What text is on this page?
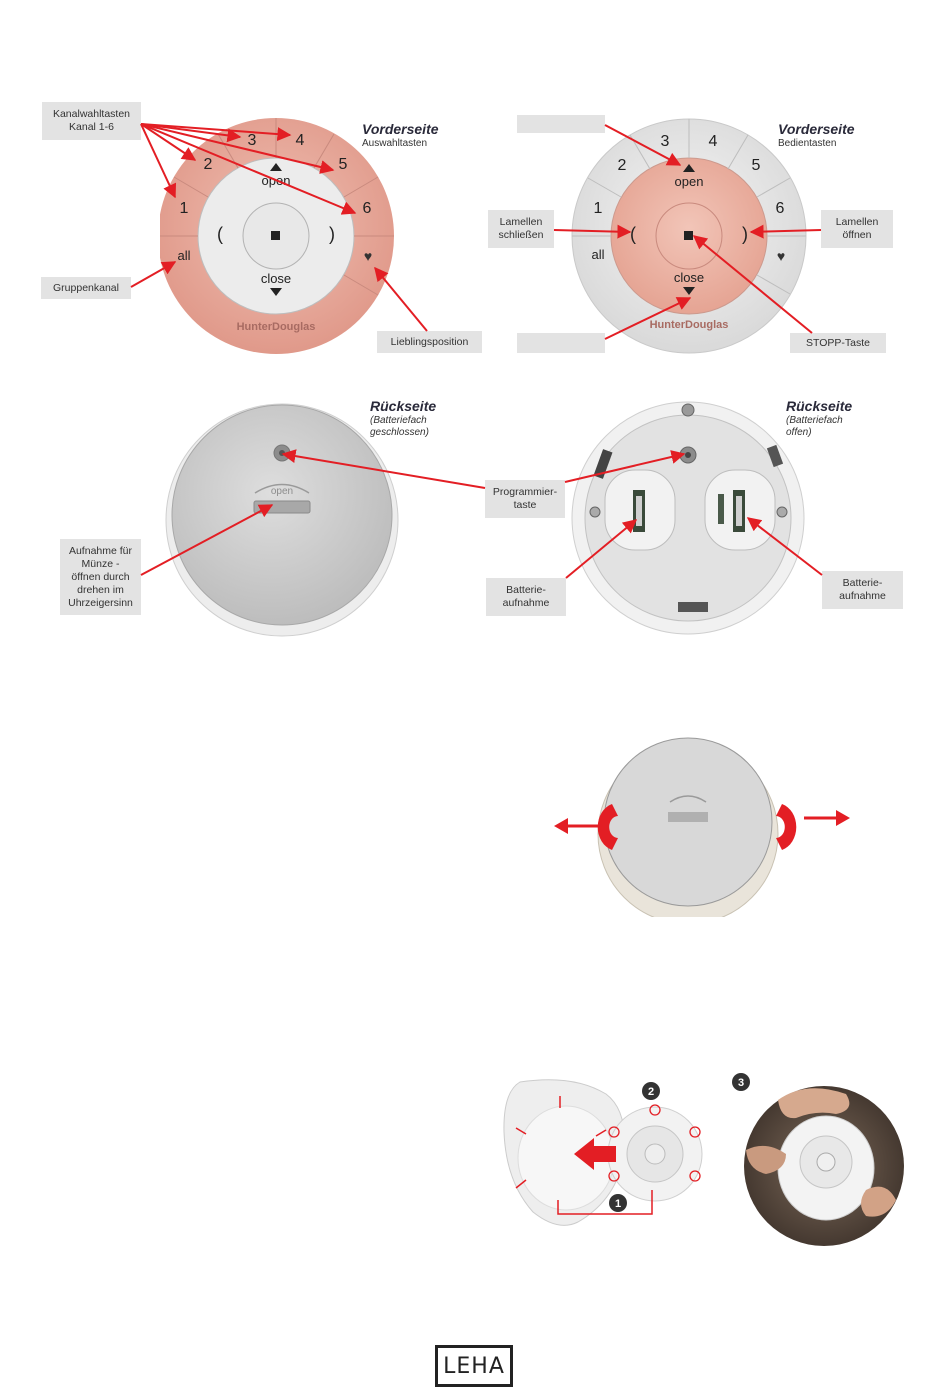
1
2
3 4
5
6
all	♥
open
close
(	)
HunterDouglas
Vorderseite
Auswahltasten
Kanalwahltasten
Kanal 1-6
Gruppenkanal
Lieblingsposition
1
2
3 4
5
6
all	♥
open
close
(	)
HunterDouglas
Vorderseite
Bedientasten
Lamellen
schließen
Lamellen
öffnen
STOPP-Taste
open
Rückseite
(Batteriefach
geschlossen)
Aufnahme für
Münze -
öffnen durch
drehen im
Uhrzeigersinn
Rückseite
(Batteriefach
offen)
Programmier-
taste
Batterie-
aufnahme
Batterie-
aufnahme
1
2
3
LEHA
